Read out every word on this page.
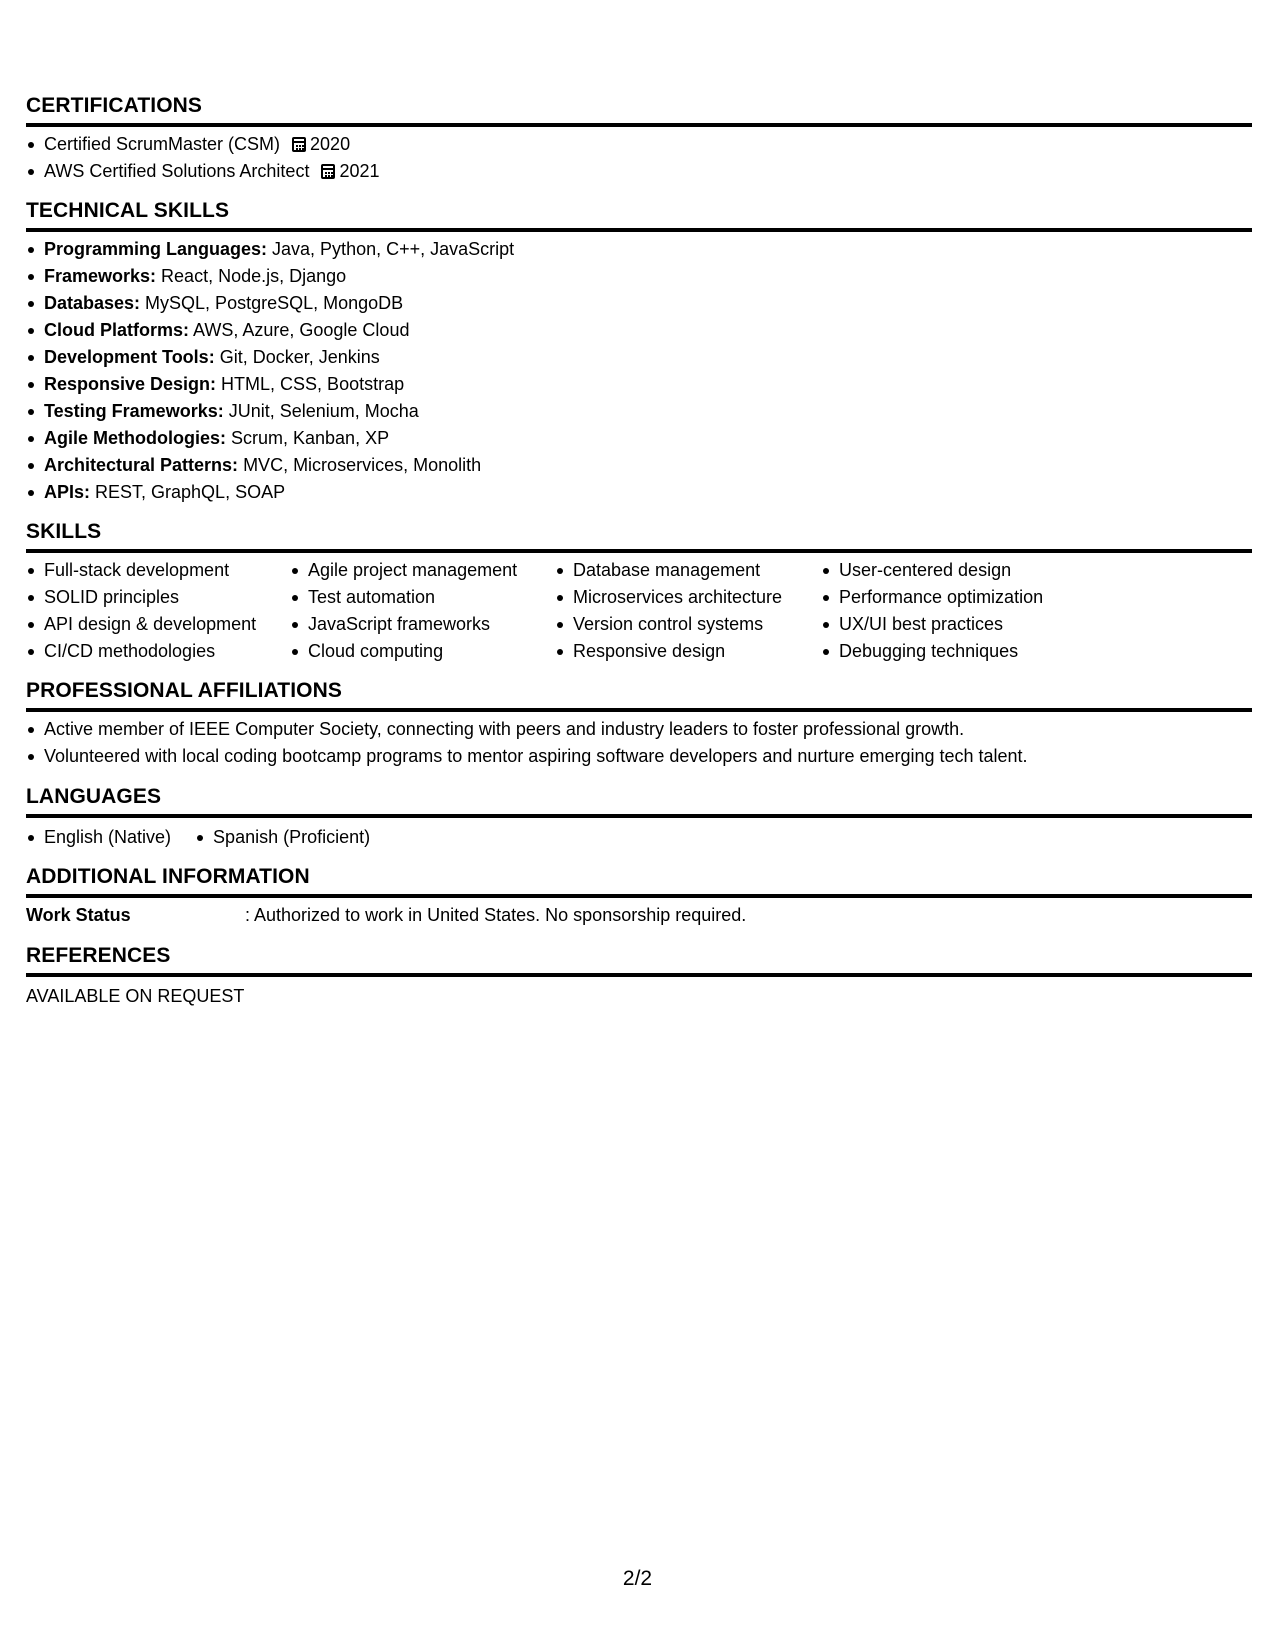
CERTIFICATIONS
Certified ScrumMaster (CSM) 2020
AWS Certified Solutions Architect 2021
TECHNICAL SKILLS
Programming Languages: Java, Python, C++, JavaScript
Frameworks: React, Node.js, Django
Databases: MySQL, PostgreSQL, MongoDB
Cloud Platforms: AWS, Azure, Google Cloud
Development Tools: Git, Docker, Jenkins
Responsive Design: HTML, CSS, Bootstrap
Testing Frameworks: JUnit, Selenium, Mocha
Agile Methodologies: Scrum, Kanban, XP
Architectural Patterns: MVC, Microservices, Monolith
APIs: REST, GraphQL, SOAP
SKILLS
Full-stack development
SOLID principles
API design & development
CI/CD methodologies
Agile project management
Test automation
JavaScript frameworks
Cloud computing
Database management
Microservices architecture
Version control systems
Responsive design
User-centered design
Performance optimization
UX/UI best practices
Debugging techniques
PROFESSIONAL AFFILIATIONS
Active member of IEEE Computer Society, connecting with peers and industry leaders to foster professional growth.
Volunteered with local coding bootcamp programs to mentor aspiring software developers and nurture emerging tech talent.
LANGUAGES
English (Native)	Spanish (Proficient)
ADDITIONAL INFORMATION
Work Status	: Authorized to work in United States. No sponsorship required.
REFERENCES
AVAILABLE ON REQUEST
2/2
